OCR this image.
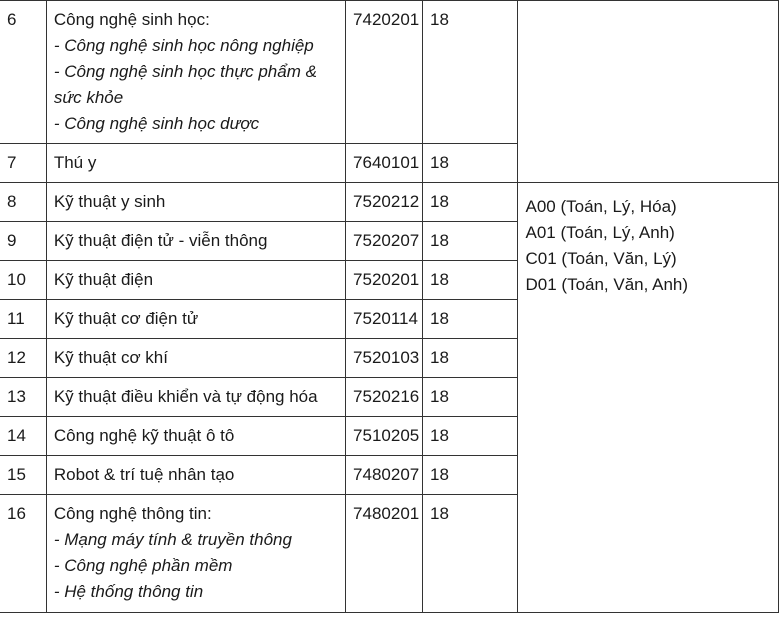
6	Công nghệ sinh học:
- Công nghệ sinh học nông nghiệp
- Công nghệ sinh học thực phẩm &
sức khỏe
- Công nghệ sinh học dược	7420201	18	

7	Thú y	7640101	18	

8	Kỹ thuật y sinh	7520212	18	A00 (Toán, Lý, Hóa)
A01 (Toán, Lý, Anh)
C01 (Toán, Văn, Lý)
D01 (Toán, Văn, Anh)

9	Kỹ thuật điện tử - viễn thông	7520207	18	

10	Kỹ thuật điện	7520201	18	

11	Kỹ thuật cơ điện tử	7520114	18	

12	Kỹ thuật cơ khí	7520103	18	

13	Kỹ thuật điều khiển và tự động hóa	7520216	18	

14	Công nghệ kỹ thuật ô tô	7510205	18	

15	Robot & trí tuệ nhân tạo	7480207	18	

16	Công nghệ thông tin:
- Mạng máy tính & truyền thông
- Công nghệ phần mềm
- Hệ thống thông tin	7480201	18	
